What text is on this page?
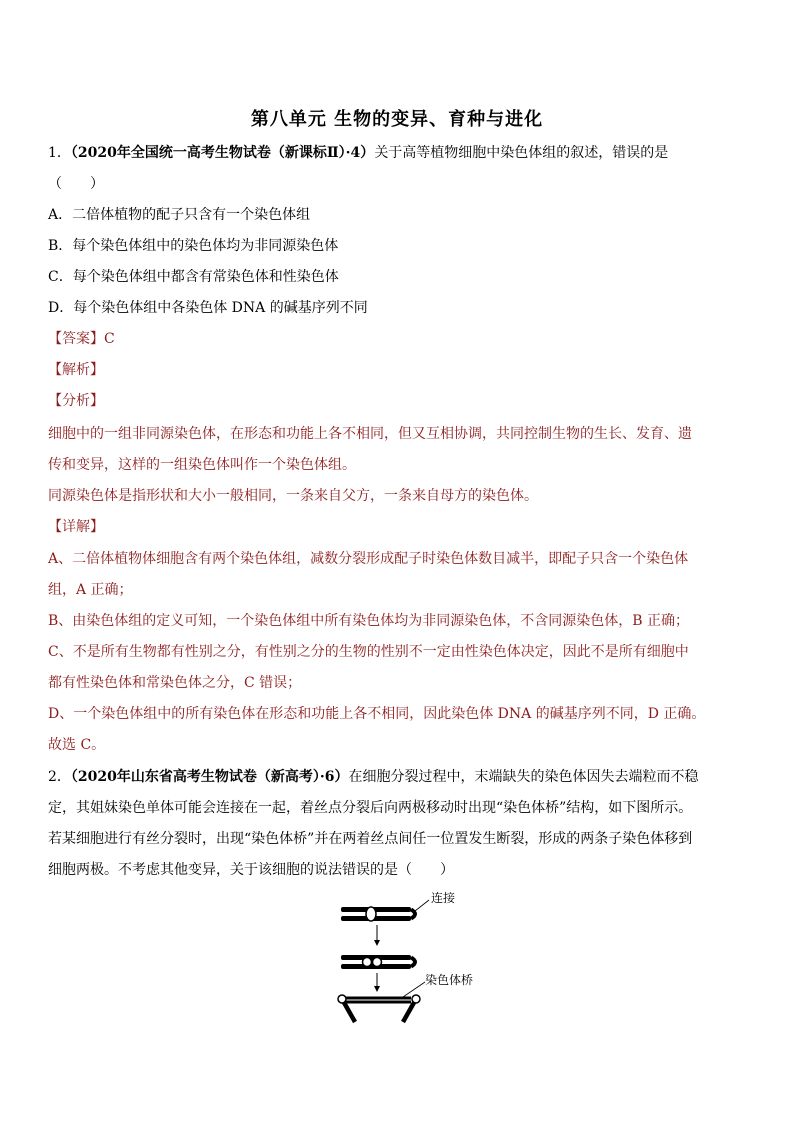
第八单元 生物的变异、育种与进化
1．（2020年全国统一高考生物试卷（新课标Ⅱ）·4）关于高等植物细胞中染色体组的叙述，错误的是
（　　）
A．二倍体植物的配子只含有一个染色体组
B．每个染色体组中的染色体均为非同源染色体
C．每个染色体组中都含有常染色体和性染色体
D．每个染色体组中各染色体 DNA 的碱基序列不同
【答案】C
【解析】
【分析】
细胞中的一组非同源染色体，在形态和功能上各不相同，但又互相协调，共同控制生物的生长、发育、遗
传和变异，这样的一组染色体叫作一个染色体组。
同源染色体是指形状和大小一般相同，一条来自父方，一条来自母方的染色体。
【详解】
A、二倍体植物体细胞含有两个染色体组，减数分裂形成配子时染色体数目减半，即配子只含一个染色体
组，A 正确；
B、由染色体组的定义可知，一个染色体组中所有染色体均为非同源染色体，不含同源染色体，B 正确；
C、不是所有生物都有性别之分，有性别之分的生物的性别不一定由性染色体决定，因此不是所有细胞中
都有性染色体和常染色体之分，C 错误；
D、一个染色体组中的所有染色体在形态和功能上各不相同，因此染色体 DNA 的碱基序列不同，D 正确。
故选 C。
2．（2020年山东省高考生物试卷（新高考）·6）在细胞分裂过程中，末端缺失的染色体因失去端粒而不稳
定，其姐妹染色单体可能会连接在一起，着丝点分裂后向两极移动时出现“染色体桥”结构，如下图所示。
若某细胞进行有丝分裂时，出现“染色体桥”并在两着丝点间任一位置发生断裂，形成的两条子染色体移到
细胞两极。不考虑其他变异，关于该细胞的说法错误的是（　　）
连接
染色体桥
